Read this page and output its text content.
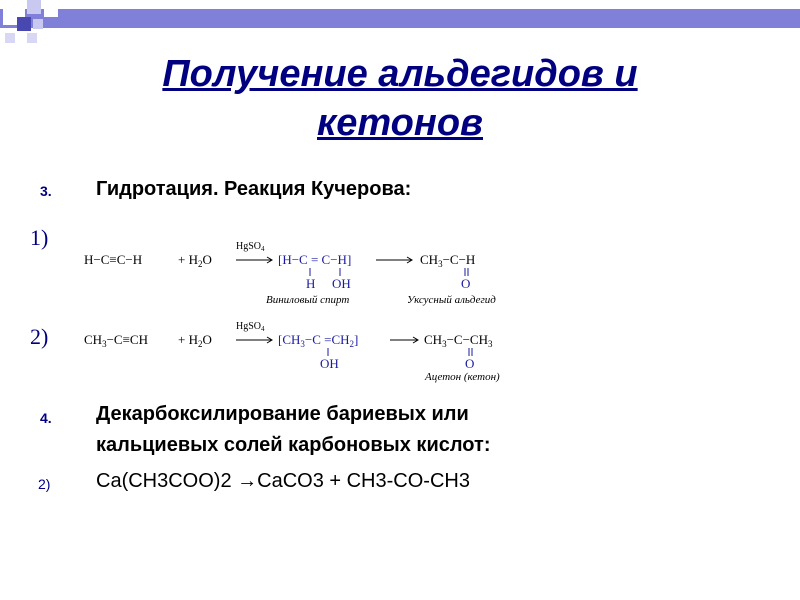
Получение альдегидов и
кетонов
3. Гидротация. Реакция Кучерова:
1)
2)
H−C≡C−H	+ $H_2O$
HgSO$_4$
[H−C = C−H]
H OH
$CH_3-C-H$
O
Виниловый спирт	Уксусный альдегид
$CH_3-C\equiv CH + H_2O$
HgSO$_4$
$[CH_3-C =CH_2]$
OH
$CH_3-C-CH_3$
O
Ацетон (кетон)
4. Декарбоксилирование бариевых или
кальциевых солей карбоновых кислот:
2) Ca(CH3COO)2 →CaCO3 + CH3-CO-CH3
